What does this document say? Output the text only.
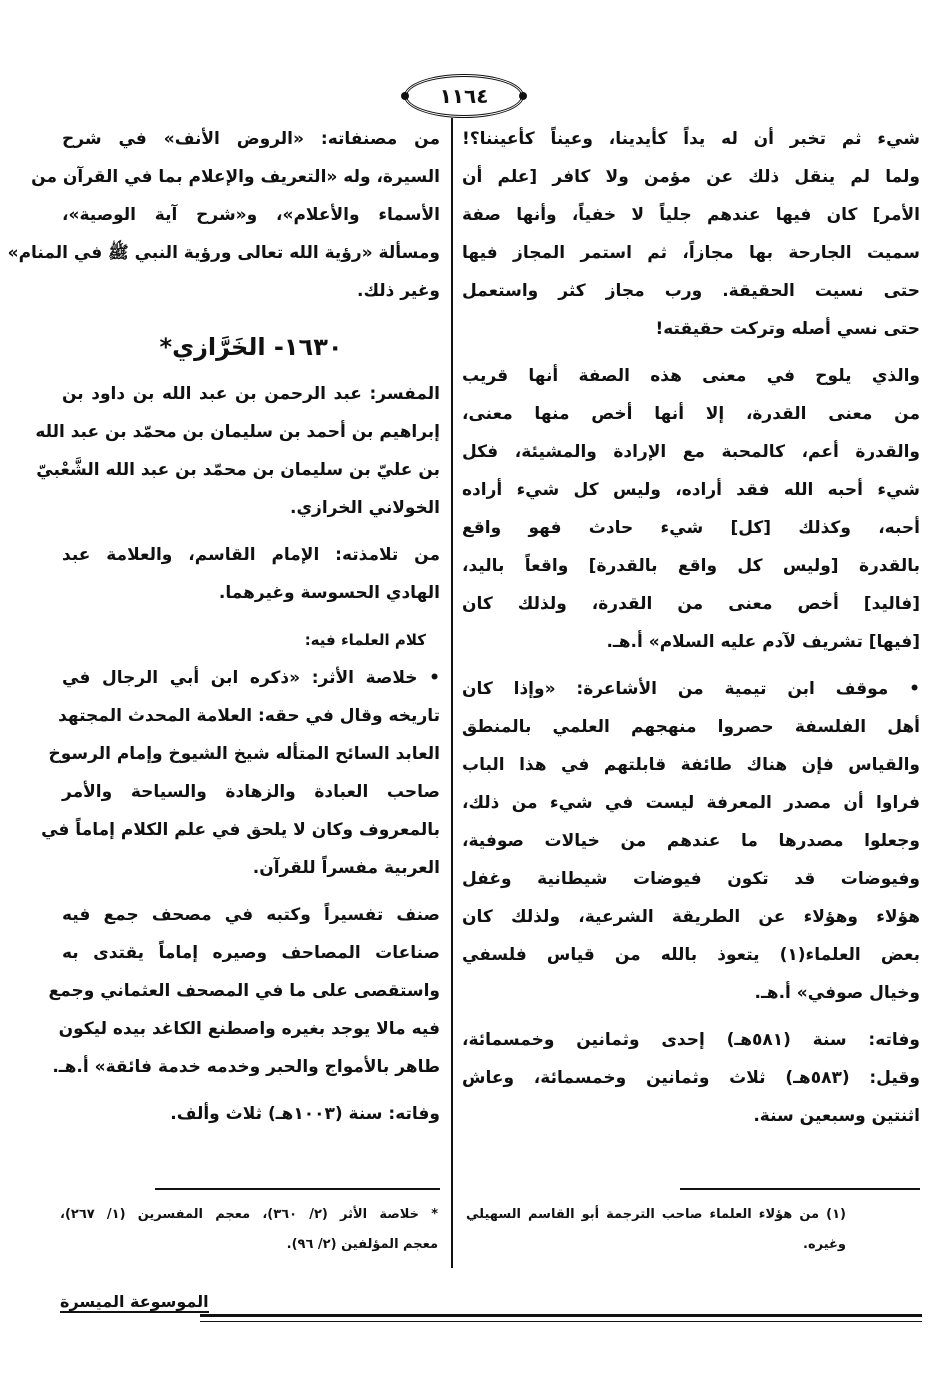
١١٦٤
شيء ثم تخبر أن له يداً كأيدينا، وعيناً كأعيننا؟!
ولما لم ينقل ذلك عن مؤمن ولا كافر [علم أن
الأمر] كان فيها عندهم جلياً لا خفياً، وأنها صفة
سميت الجارحة بها مجازاً، ثم استمر المجاز فيها
حتى نسيت الحقيقة. ورب مجاز كثر واستعمل
حتى نسي أصله وتركت حقيقته!
والذي يلوح في معنى هذه الصفة أنها قريب
من معنى القدرة، إلا أنها أخص منها معنى،
والقدرة أعم، كالمحبة مع الإرادة والمشيئة، فكل
شيء أحبه الله فقد أراده، وليس كل شيء أراده
أحبه، وكذلك [كل] شيء حادث فهو واقع
بالقدرة [وليس كل واقع بالقدرة] واقعاً باليد،
[فاليد] أخص معنى من القدرة، ولذلك كان
[فيها] تشريف لآدم عليه السلام» أ.هـ.
• موقف ابن تيمية من الأشاعرة: «وإذا كان
أهل الفلسفة حصروا منهجهم العلمي بالمنطق
والقياس فإن هناك طائفة قابلتهم في هذا الباب
فراوا أن مصدر المعرفة ليست في شيء من ذلك،
وجعلوا مصدرها ما عندهم من خيالات صوفية،
وفيوضات قد تكون فيوضات شيطانية وغفل
هؤلاء وهؤلاء عن الطريقة الشرعية، ولذلك كان
بعض العلماء(١) يتعوذ بالله من قياس فلسفي
وخيال صوفي» أ.هـ.
وفاته: سنة (٥٨١هـ) إحدى وثمانين وخمسمائة،
وقيل: (٥٨٣هـ) ثلاث وثمانين وخمسمائة، وعاش
اثنتين وسبعين سنة.
من مصنفاته: «الروض الأنف» في شرح
السيرة، وله «التعريف والإعلام بما في القرآن من
الأسماء والأعلام»، و«شرح آية الوصية»،
ومسألة «رؤية الله تعالى ورؤية النبي ﷺ في المنام»
وغير ذلك.
١٦٣٠- الخَرَّازي*
المفسر: عبد الرحمن بن عبد الله بن داود بن
إبراهيم بن أحمد بن سليمان بن محمّد بن عبد الله
بن عليّ بن سليمان بن محمّد بن عبد الله الشَّعْبيّ
الخولاني الخرازي.
من تلامذته: الإمام القاسم، والعلامة عبد
الهادي الحسوسة وغيرهما.
كلام العلماء فيه:
• خلاصة الأثر: «ذكره ابن أبي الرجال في
تاريخه وقال في حقه: العلامة المحدث المجتهد
العابد السائح المتأله شيخ الشيوخ وإمام الرسوخ
صاحب العبادة والزهادة والسياحة والأمر
بالمعروف وكان لا يلحق في علم الكلام إماماً في
العربية مفسراً للقرآن.
صنف تفسيراً وكتبه في مصحف جمع فيه
صناعات المصاحف وصيره إماماً يقتدى به
واستقصى على ما في المصحف العثماني وجمع
فيه مالا يوجد بغيره واصطنع الكاغد بيده ليكون
طاهر بالأمواج والحبر وخدمه خدمة فائقة» أ.هـ.
وفاته: سنة (١٠٠٣هـ) ثلاث وألف.
(١) من هؤلاء العلماء صاحب الترجمة أبو القاسم السهيلي
وغيره.
* خلاصة الأثر (٢/ ٣٦٠)، معجم المفسرين (١/ ٢٦٧)،
معجم المؤلفين (٢/ ٩٦).
الموسوعة الميسرة
